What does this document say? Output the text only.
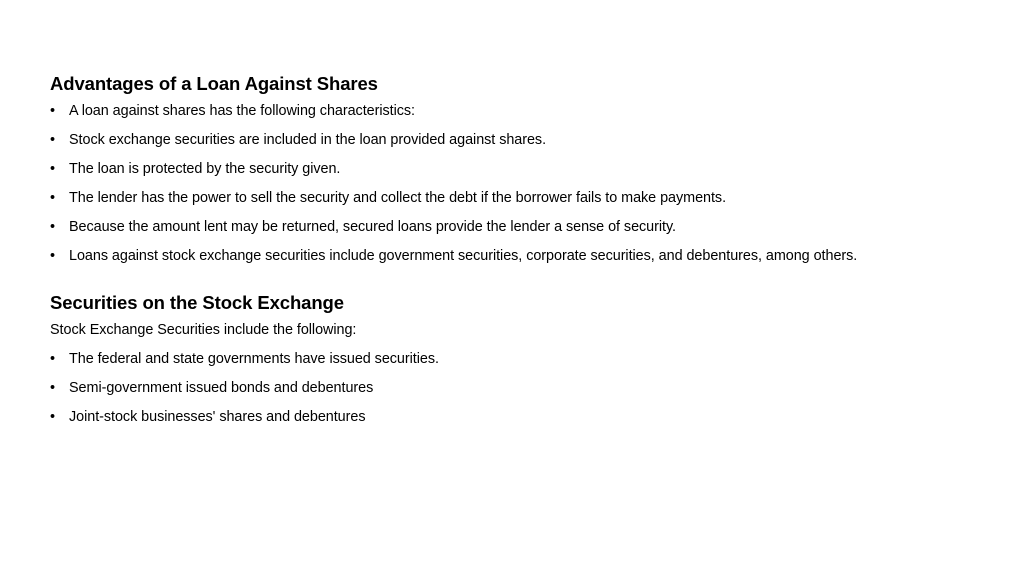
Advantages of a Loan Against Shares
• A loan against shares has the following characteristics:
• Stock exchange securities are included in the loan provided against shares.
• The loan is protected by the security given.
• The lender has the power to sell the security and collect the debt if the borrower fails to make payments.
• Because the amount lent may be returned, secured loans provide the lender a sense of security.
• Loans against stock exchange securities include government securities, corporate securities, and debentures, among others.
Securities on the Stock Exchange
Stock Exchange Securities include the following:
• The federal and state governments have issued securities.
• Semi-government issued bonds and debentures
• Joint-stock businesses' shares and debentures
